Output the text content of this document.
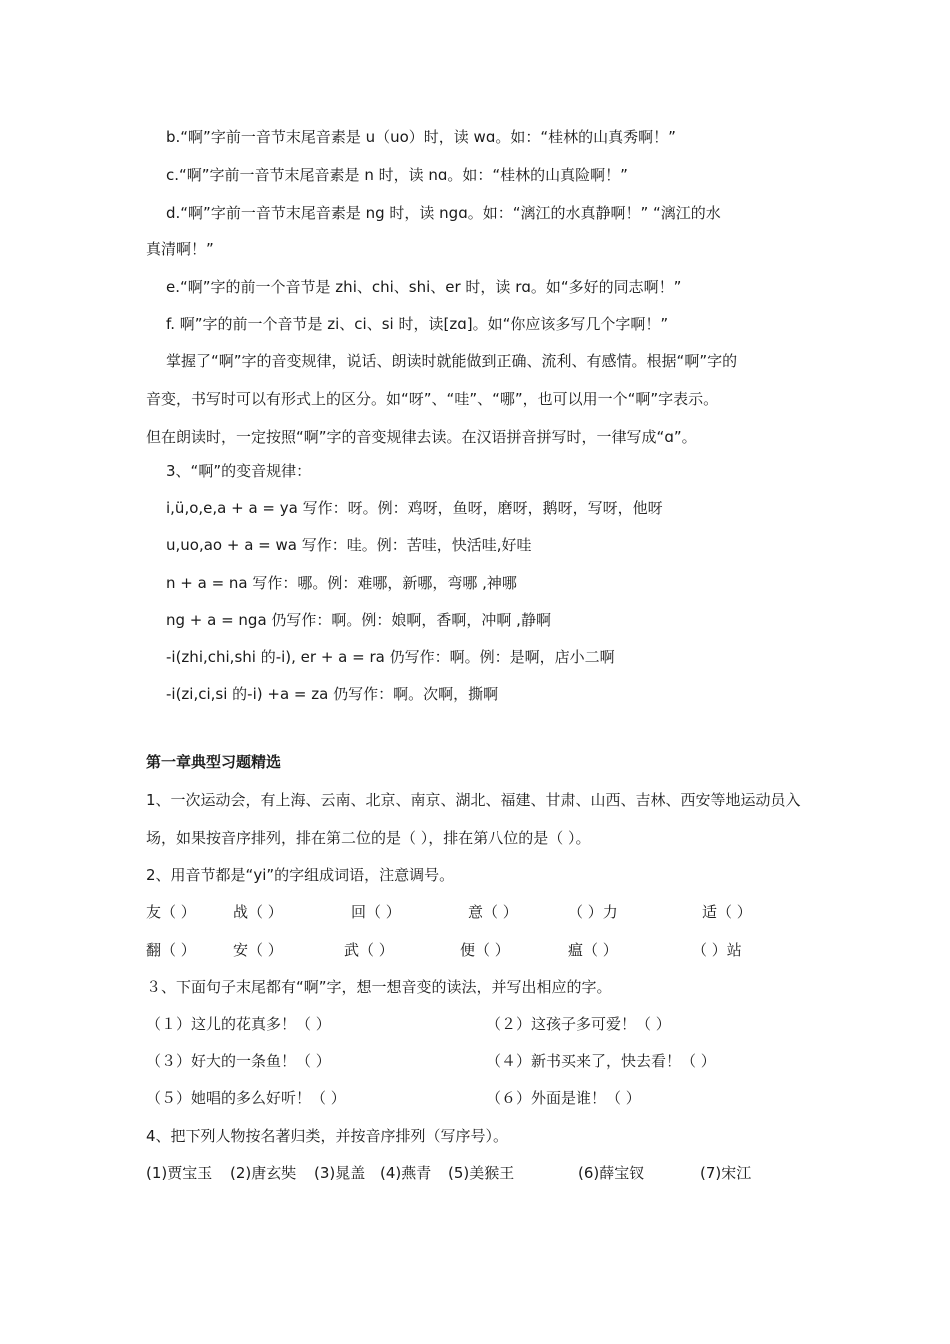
b.“啊”字前一音节末尾音素是 u（uo）时，读 wɑ。如：“桂林的山真秀啊！”
c.“啊”字前一音节末尾音素是 n 时，读 nɑ。如：“桂林的山真险啊！”
d.“啊”字前一音节末尾音素是 ng 时，读 ngɑ。如：“漓江的水真静啊！” “漓江的水
真清啊！”
e.“啊”字的前一个音节是 zhi、chi、shi、er 时，读 rɑ。如“多好的同志啊！”
f. 啊”字的前一个音节是 zi、ci、si 时，读[zɑ]。如“你应该多写几个字啊！”
掌握了“啊”字的音变规律，说话、朗读时就能做到正确、流利、有感情。根据“啊”字的
音变，书写时可以有形式上的区分。如“呀”、“哇”、“哪”，也可以用一个“啊”字表示。
但在朗读时，一定按照“啊”字的音变规律去读。在汉语拼音拼写时，一律写成“ɑ”。
3、“啊”的变音规律：
i,ü,o,e,a + a = ya 写作：呀。例：鸡呀，鱼呀，磨呀，鹅呀，写呀，他呀
u,uo,ao + a = wa 写作：哇。例：苦哇，快活哇,好哇
n + a = na 写作：哪。例：难哪，新哪，弯哪 ,神哪
ng + a = nga 仍写作：啊。例：娘啊，香啊，冲啊 ,静啊
-i(zhi,chi,shi 的-i), er + a = ra 仍写作：啊。例：是啊，店小二啊
-i(zi,ci,si 的-i) +a = za 仍写作：啊。次啊，撕啊
第一章典型习题精选
1、一次运动会，有上海、云南、北京、南京、湖北、福建、甘肃、山西、吉林、西安等地运动员入
场，如果按音序排列，排在第二位的是（ ），排在第八位的是（ ）。
2、用音节都是“yi”的字组成词语，注意调号。
友（ ） 战（ ）	回（ ）	意（ ）	（ ）力	适（ ）
翻（ ） 安（ ）	武（ ）	便（ ）	瘟（ ）	（ ）站
３、下面句子末尾都有“啊”字，想一想音变的读法，并写出相应的字。
（１）这儿的花真多！（ ）	（２）这孩子多可爱！（ ）
（３）好大的一条鱼！（ ）	（４）新书买来了，快去看！（ ）
（５）她唱的多么好听！（ ）	（６）外面是谁！（ ）
4、把下列人物按名著归类，并按音序排列（写序号）。
(1)贾宝玉 (2)唐玄奘 (3)晁盖 (4)燕青 (5)美猴王	(6)薛宝钗	(7)宋江
